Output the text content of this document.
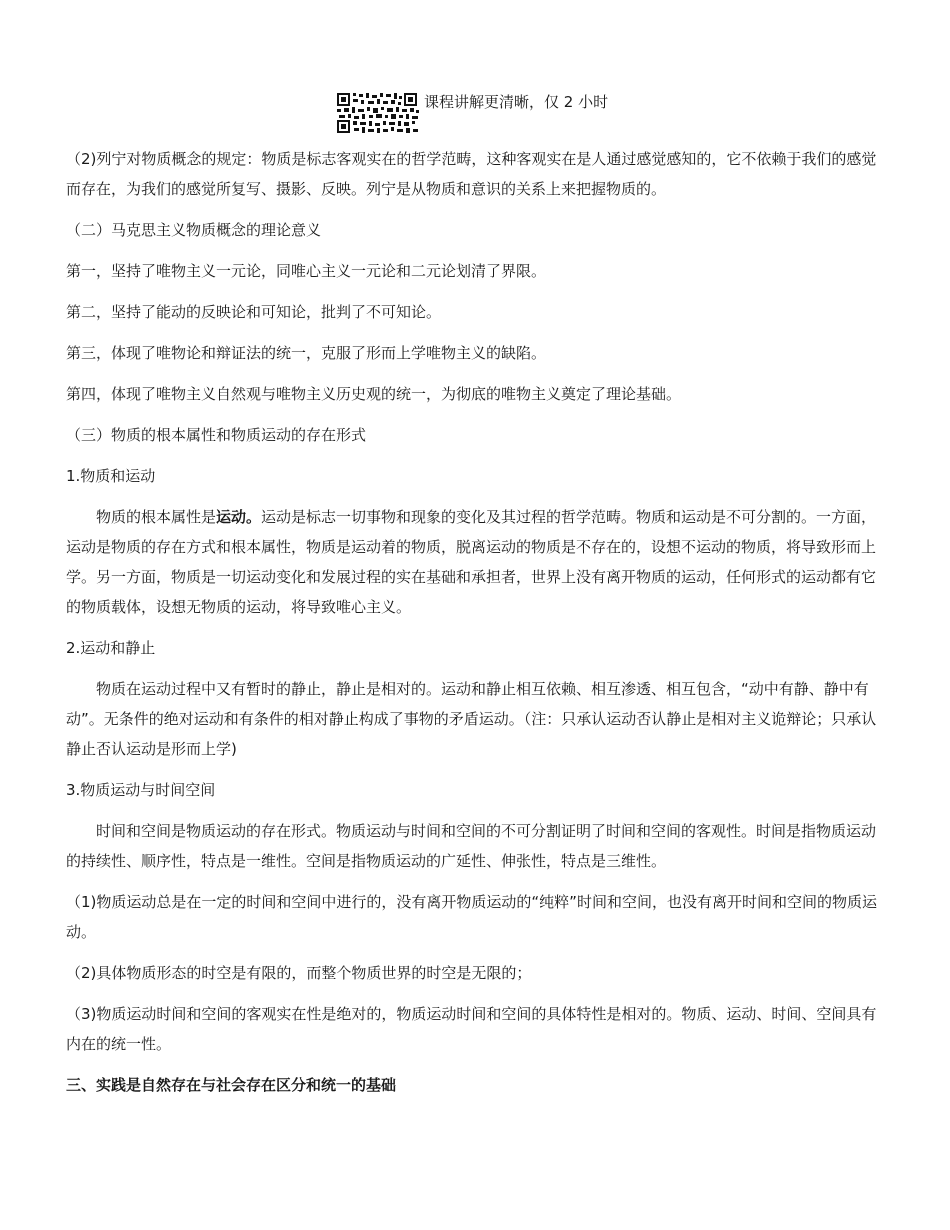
课程讲解更清晰，仅 2 小时

（2)列宁对物质概念的规定：物质是标志客观实在的哲学范畴，这种客观实在是人通过感觉感知的，它不依赖于我们的感觉而存在，为我们的感觉所复写、摄影、反映。列宁是从物质和意识的关系上来把握物质的。

（二）马克思主义物质概念的理论意义

第一，坚持了唯物主义一元论，同唯心主义一元论和二元论划清了界限。

第二，坚持了能动的反映论和可知论，批判了不可知论。

第三，体现了唯物论和辩证法的统一，克服了形而上学唯物主义的缺陷。

第四，体现了唯物主义自然观与唯物主义历史观的统一，为彻底的唯物主义奠定了理论基础。

（三）物质的根本属性和物质运动的存在形式

1.物质和运动

物质的根本属性是运动。运动是标志一切事物和现象的变化及其过程的哲学范畴。物质和运动是不可分割的。一方面，运动是物质的存在方式和根本属性，物质是运动着的物质，脱离运动的物质是不存在的，设想不运动的物质，将导致形而上学。另一方面，物质是一切运动变化和发展过程的实在基础和承担者，世界上没有离开物质的运动，任何形式的运动都有它的物质载体，设想无物质的运动，将导致唯心主义。

2.运动和静止

物质在运动过程中又有暂时的静止，静止是相对的。运动和静止相互依赖、相互渗透、相互包含，“动中有静、静中有动”。无条件的绝对运动和有条件的相对静止构成了事物的矛盾运动。（注：只承认运动否认静止是相对主义诡辩论；只承认静止否认运动是形而上学)

3.物质运动与时间空间

时间和空间是物质运动的存在形式。物质运动与时间和空间的不可分割证明了时间和空间的客观性。时间是指物质运动的持续性、顺序性，特点是一维性。空间是指物质运动的广延性、伸张性，特点是三维性。

（1)物质运动总是在一定的时间和空间中进行的，没有离开物质运动的“纯粹”时间和空间，也没有离开时间和空间的物质运动。

（2)具体物质形态的时空是有限的，而整个物质世界的时空是无限的；

（3)物质运动时间和空间的客观实在性是绝对的，物质运动时间和空间的具体特性是相对的。物质、运动、时间、空间具有内在的统一性。

三、实践是自然存在与社会存在区分和统一的基础
